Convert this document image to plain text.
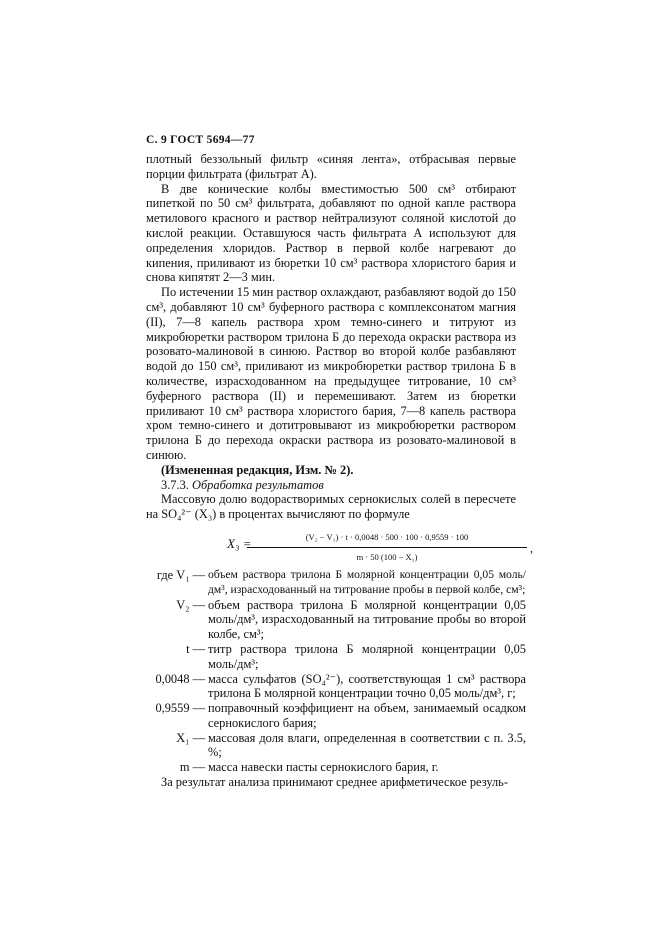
С. 9 ГОСТ 5694—77

плотный беззольный фильтр «синяя лента», отбрасывая первые порции фильтрата (фильтрат А).

В две конические колбы вместимостью 500 см³ отбирают пипеткой по 50 см³ фильтрата, добавляют по одной капле раствора метилового красного и раствор нейтрализуют соляной кислотой до кислой реакции. Оставшуюся часть фильтрата А используют для определения хлоридов. Раствор в первой колбе нагревают до кипения, приливают из бюретки 10 см³ раствора хлористого бария и снова кипятят 2—3 мин.

По истечении 15 мин раствор охлаждают, разбавляют водой до 150 см³, добавляют 10 см³ буферного раствора с комплексонатом магния (II), 7—8 капель раствора хром темно-синего и титруют из микробюретки раствором трилона Б до перехода окраски раствора из розовато-малиновой в синюю. Раствор во второй колбе разбавляют водой до 150 см³, приливают из микробюретки раствор трилона Б в количестве, израсходованном на предыдущее титрование, 10 см³ буферного раствора (II) и перемешивают. Затем из бюретки приливают 10 см³ раствора хлористого бария, 7—8 капель раствора хром темно-синего и дотитровывают из микробюретки раствором трилона Б до перехода окраски раствора из розовато-малиновой в синюю.

(Измененная редакция, Изм. № 2).

3.7.3. Обработка результатов

Массовую долю водорастворимых сернокислых солей в пересчете на SO₄²⁻ (X₃) в процентах вычисляют по формуле

X₃ =	(V₂ − V₁) · t · 0,0048 · 500 · 100 · 0,9559 · 100
m · 50 (100 − X₁)
,
где V₁ — объем раствора трилона Б молярной концентрации 0,05 моль/дм³, израсходованный на титрование пробы в первой колбе, см³;
V₂ — объем раствора трилона Б молярной концентрации 0,05 моль/дм³, израсходованный на титрование пробы во второй колбе, см³;
t — титр раствора трилона Б молярной концентрации 0,05 моль/дм³;
0,0048 — масса сульфатов (SO₄²⁻), соответствующая 1 см³ раствора трилона Б молярной концентрации точно 0,05 моль/дм³, г;
0,9559 — поправочный коэффициент на объем, занимаемый осадком сернокислого бария;
X₁ — массовая доля влаги, определенная в соответствии с п. 3.5, %;
m — масса навески пасты сернокислого бария, г.

За результат анализа принимают среднее арифметическое резуль-
